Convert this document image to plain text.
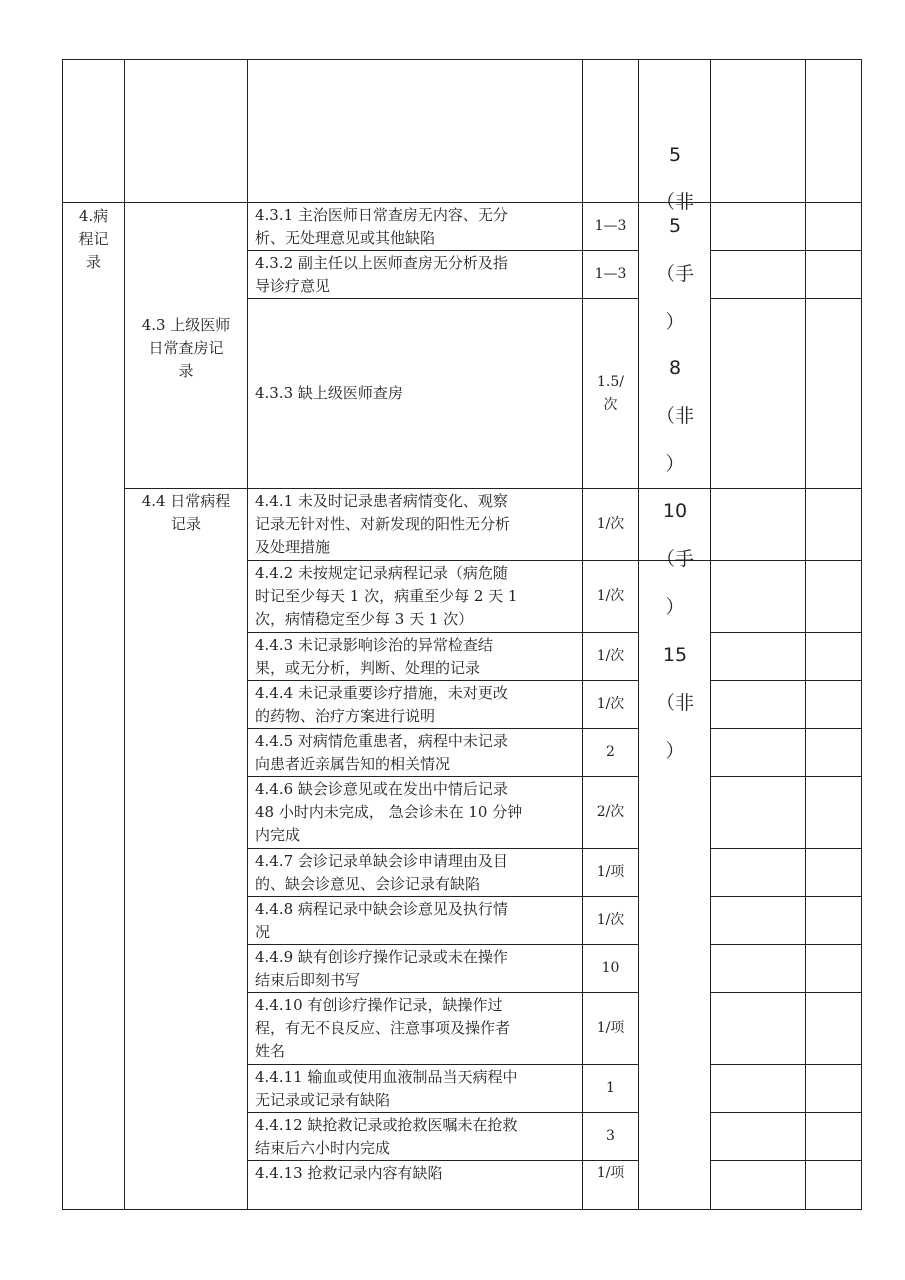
4.病
程记
录
4.3 上级医师
日常查房记
录
4.4 日常病程
记录
4.3.1 主治医师日常查房无内容、无分
析、无处理意见或其他缺陷
4.3.2 副主任以上医师查房无分析及指
导诊疗意见
4.3.3 缺上级医师查房
4.4.1 未及时记录患者病情变化、观察
记录无针对性、对新发现的阳性无分析
及处理措施
4.4.2 未按规定记录病程记录（病危随
时记至少每天 1 次，病重至少每 2 天 1
次，病情稳定至少每 3 天 1 次）
4.4.3 未记录影响诊治的异常检查结
果，或无分析，判断、处理的记录
4.4.4 未记录重要诊疗措施，未对更改
的药物、治疗方案进行说明
4.4.5 对病情危重患者，病程中未记录
向患者近亲属告知的相关情况
4.4.6 缺会诊意见或在发出中情后记录
48 小时内未完成， 急会诊未在 10 分钟
内完成
4.4.7 会诊记录单缺会诊申请理由及目
的、缺会诊意见、会诊记录有缺陷
4.4.8 病程记录中缺会诊意见及执行情
况
4.4.9 缺有创诊疗操作记录或未在操作
结束后即刻书写
4.4.10 有创诊疗操作记录，缺操作过
程，有无不良反应、注意事项及操作者
姓名
4.4.11 输血或使用血液制品当天病程中
无记录或记录有缺陷
4.4.12 缺抢救记录或抢救医嘱未在抢救
结束后六小时内完成
4.4.13 抢救记录内容有缺陷
1—3
1—3
1.5/
次
1/次
1/次
1/次
1/次
2
2/次
1/项
1/次
10
1/项
1
3
1/项
5
（非
5
（手
）
8
（非
）
10
（手
）
15
（非
）
